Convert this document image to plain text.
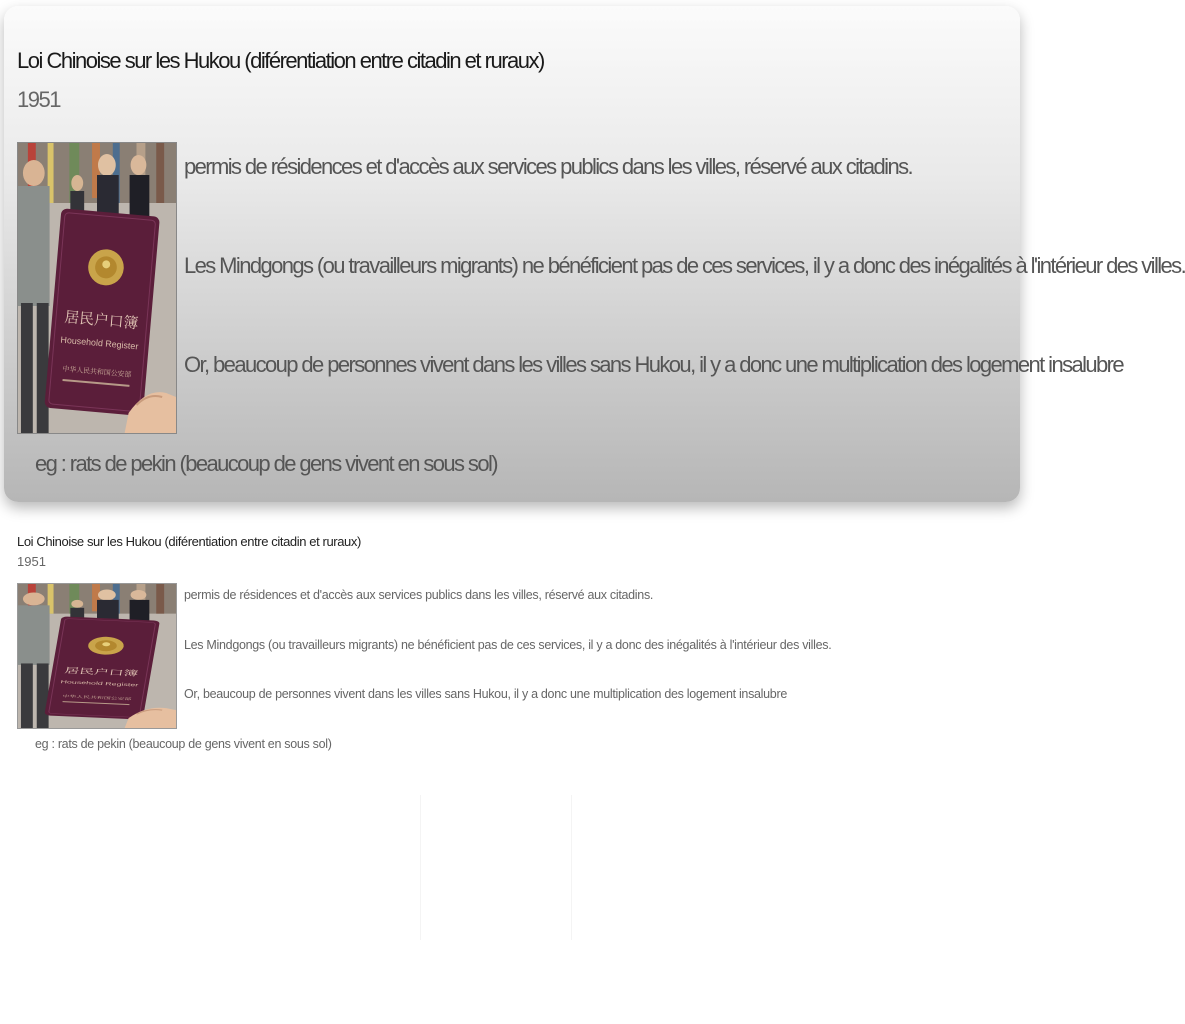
Loi Chinoise sur les Hukou (diférentiation entre citadin et ruraux)
1951
permis de résidences et d'accès aux services publics dans les villes, réservé aux citadins.
Les Mindgongs (ou travailleurs migrants) ne bénéficient pas de ces services, il y a donc des inégalités à l'intérieur des villes.
Or, beaucoup de personnes vivent dans les villes sans Hukou, il y a donc une multiplication des logement insalubre
eg : rats de pekin (beaucoup de gens vivent en sous sol)
Loi Chinoise sur les Hukou (diférentiation entre citadin et ruraux)
1951
permis de résidences et d'accès aux services publics dans les villes, réservé aux citadins.
Les Mindgongs (ou travailleurs migrants) ne bénéficient pas de ces services, il y a donc des inégalités à l'intérieur des villes.
Or, beaucoup de personnes vivent dans les villes sans Hukou, il y a donc une multiplication des logement insalubre
eg : rats de pekin (beaucoup de gens vivent en sous sol)
